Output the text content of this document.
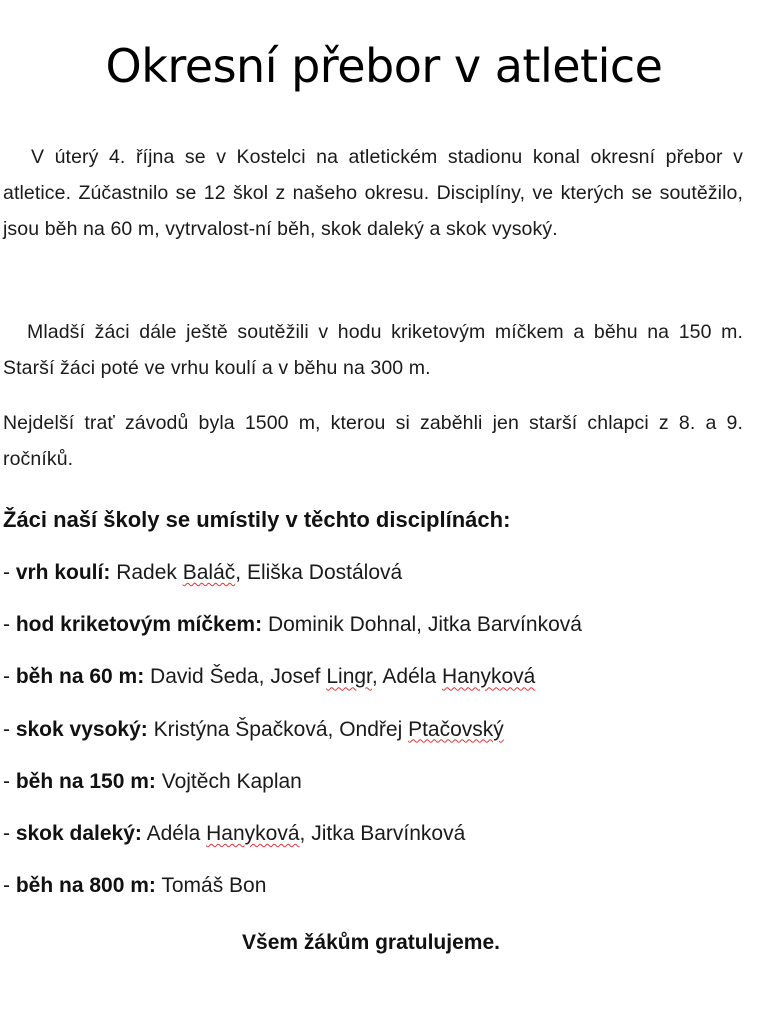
Okresní přebor v atletice

V úterý 4. října se v Kostelci na atletickém stadionu konal okresní přebor v atletice. Zúčastnilo se 12 škol z našeho okresu. Disciplíny, ve kterých se soutěžilo, jsou běh na 60 m, vytrvalost-ní běh, skok daleký a skok vysoký.

Mladší žáci dále ještě soutěžili v hodu kriketovým míčkem a běhu na 150 m. Starší žáci poté ve vrhu koulí a v běhu na 300 m.

Nejdelší trať závodů byla 1500 m, kterou si zaběhli jen starší chlapci z 8. a 9. ročníků.

Žáci naší školy se umístily v těchto disciplínách:
- vrh koulí: Radek Baláč, Eliška Dostálová
- hod kriketovým míčkem: Dominik Dohnal, Jitka Barvínková
- běh na 60 m: David Šeda, Josef Lingr, Adéla Hanyková
- skok vysoký: Kristýna Špačková, Ondřej Ptačovský
- běh na 150 m: Vojtěch Kaplan
- skok daleký: Adéla Hanyková, Jitka Barvínková
- běh na 800 m: Tomáš Bon

Všem žákům gratulujeme.
